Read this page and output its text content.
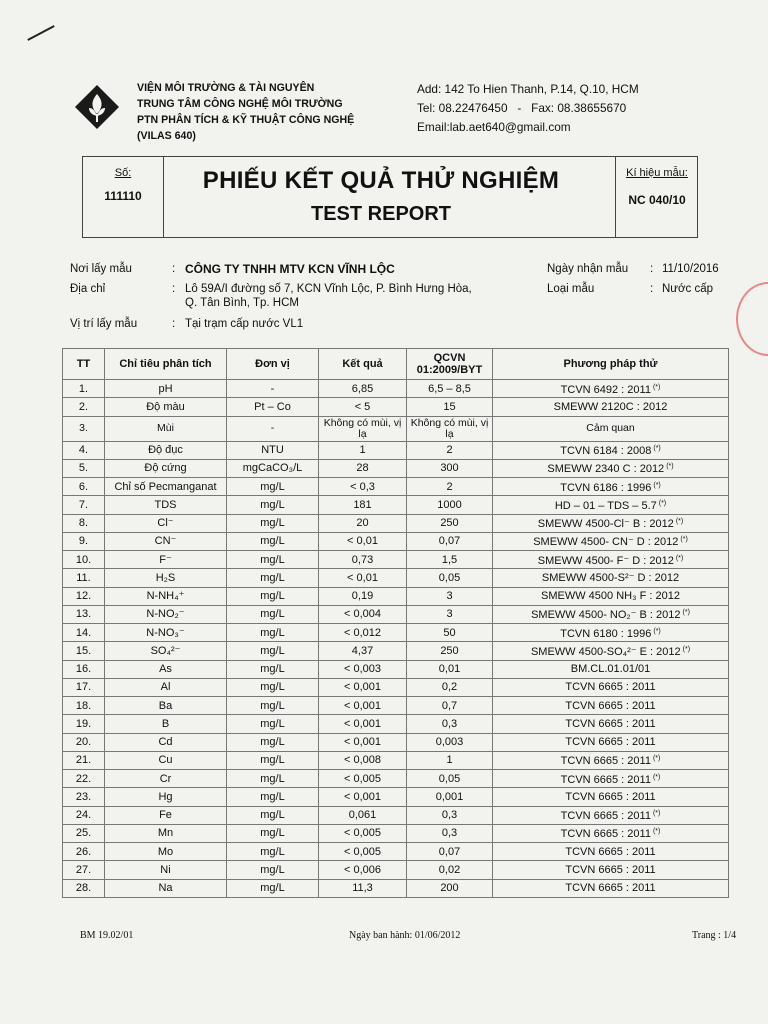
VIỆN MÔI TRƯỜNG & TÀI NGUYÊN
TRUNG TÂM CÔNG NGHỆ MÔI TRƯỜNG
PTN PHÂN TÍCH & KỸ THUẬT CÔNG NGHỆ
(VILAS 640)
Add: 142 To Hien Thanh, P.14, Q.10, HCM
Tel: 08.22476450   -   Fax: 08.38655670
Email:lab.aet640@gmail.com
Số:
111110
PHIẾU KẾT QUẢ THỬ NGHIỆM
TEST REPORT
Kí hiệu mẫu:
NC 040/10
Nơi lấy mẫu	: CÔNG TY TNHH MTV KCN VĨNH LỘC
Địa chỉ	: Lô 59A/I đường số 7, KCN Vĩnh Lộc, P. Bình Hưng Hòa,
Q. Tân Bình, Tp. HCM
Vị trí lấy mẫu	: Tại trạm cấp nước VL1
Ngày nhận mẫu : 11/10/2016
Loại mẫu	: Nước cấp
TT	Chỉ tiêu phân tích	Đơn vị	Kết quả	QCVN 01:2009/BYT	Phương pháp thử
1.	pH	-	6,85	6,5 – 8,5	TCVN 6492 : 2011 (*)
2.	Độ màu	Pt – Co	< 5	15	SMEWW 2120C : 2012
3.	Mùi	-	Không có mùi, vị lạ	Không có mùi, vị lạ	Cảm quan
4.	Độ đục	NTU	1	2	TCVN 6184 : 2008 (*)
5.	Độ cứng	mgCaCO₃/L	28	300	SMEWW 2340 C : 2012 (*)
6.	Chỉ số Pecmanganat	mg/L	< 0,3	2	TCVN 6186 : 1996 (*)
7.	TDS	mg/L	181	1000	HD – 01 – TDS – 5.7 (*)
8.	Cl⁻	mg/L	20	250	SMEWW 4500-Cl⁻ B : 2012 (*)
9.	CN⁻	mg/L	< 0,01	0,07	SMEWW 4500- CN⁻ D : 2012 (*)
10.	F⁻	mg/L	0,73	1,5	SMEWW 4500- F⁻ D : 2012 (*)
11.	H₂S	mg/L	< 0,01	0,05	SMEWW 4500-S²⁻ D : 2012
12.	N-NH₄⁺	mg/L	0,19	3	SMEWW 4500 NH₃ F : 2012
13.	N-NO₂⁻	mg/L	< 0,004	3	SMEWW 4500- NO₂⁻ B : 2012 (*)
14.	N-NO₃⁻	mg/L	< 0,012	50	TCVN 6180 : 1996 (*)
15.	SO₄²⁻	mg/L	4,37	250	SMEWW 4500-SO₄²⁻ E : 2012 (*)
16.	As	mg/L	< 0,003	0,01	BM.CL.01.01/01
17.	Al	mg/L	< 0,001	0,2	TCVN 6665 : 2011
18.	Ba	mg/L	< 0,001	0,7	TCVN 6665 : 2011
19.	B	mg/L	< 0,001	0,3	TCVN 6665 : 2011
20.	Cd	mg/L	< 0,001	0,003	TCVN 6665 : 2011
21.	Cu	mg/L	< 0,008	1	TCVN 6665 : 2011 (*)
22.	Cr	mg/L	< 0,005	0,05	TCVN 6665 : 2011 (*)
23.	Hg	mg/L	< 0,001	0,001	TCVN 6665 : 2011
24.	Fe	mg/L	0,061	0,3	TCVN 6665 : 2011 (*)
25.	Mn	mg/L	< 0,005	0,3	TCVN 6665 : 2011 (*)
26.	Mo	mg/L	< 0,005	0,07	TCVN 6665 : 2011
27.	Ni	mg/L	< 0,006	0,02	TCVN 6665 : 2011
28.	Na	mg/L	11,3	200	TCVN 6665 : 2011
BM 19.02/01	Ngày ban hành: 01/06/2012	Trang : 1/4
